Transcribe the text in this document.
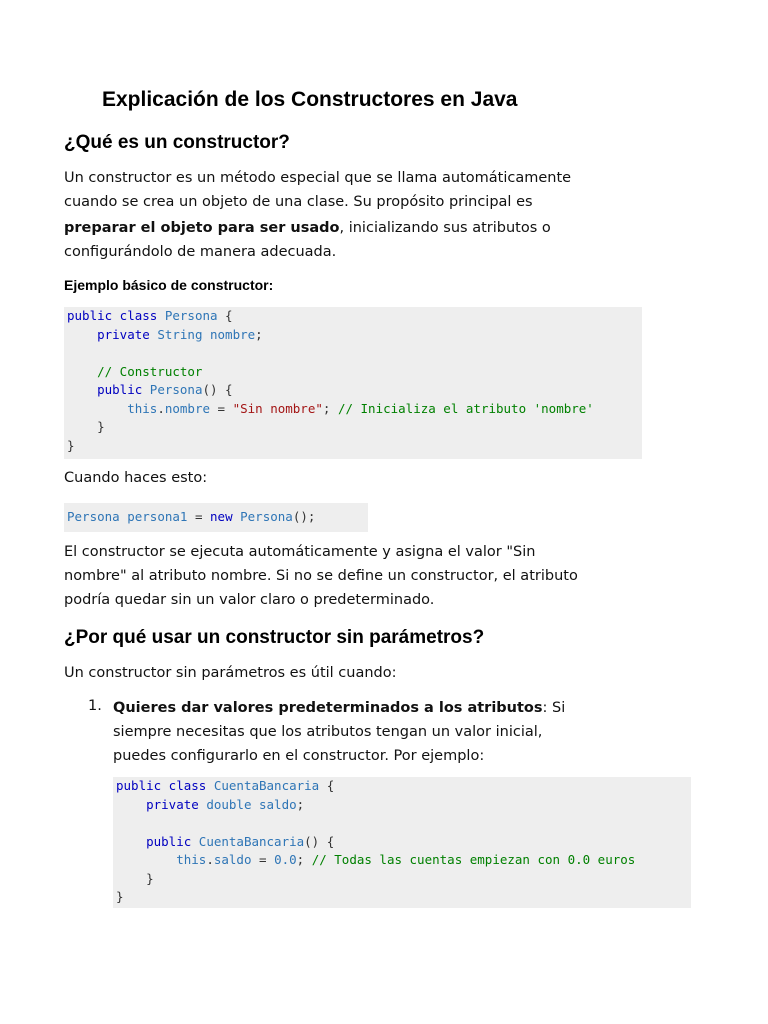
Explicación de los Constructores en Java
¿Qué es un constructor?
Un constructor es un método especial que se llama automáticamente
cuando se crea un objeto de una clase. Su propósito principal es
preparar el objeto para ser usado, inicializando sus atributos o
configurándolo de manera adecuada.
Ejemplo básico de constructor:
public class Persona {
private String nombre;
// Constructor
public Persona() {
this.nombre = "Sin nombre"; // Inicializa el atributo 'nombre'
}
}
Cuando haces esto:
Persona persona1 = new Persona();
El constructor se ejecuta automáticamente y asigna el valor "Sin
nombre" al atributo nombre. Si no se define un constructor, el atributo
podría quedar sin un valor claro o predeterminado.
¿Por qué usar un constructor sin parámetros?
Un constructor sin parámetros es útil cuando:
1. Quieres dar valores predeterminados a los atributos: Si
siempre necesitas que los atributos tengan un valor inicial,
puedes configurarlo en el constructor. Por ejemplo:
public class CuentaBancaria {
private double saldo;
public CuentaBancaria() {
this.saldo = 0.0; // Todas las cuentas empiezan con 0.0 euros
}
}
